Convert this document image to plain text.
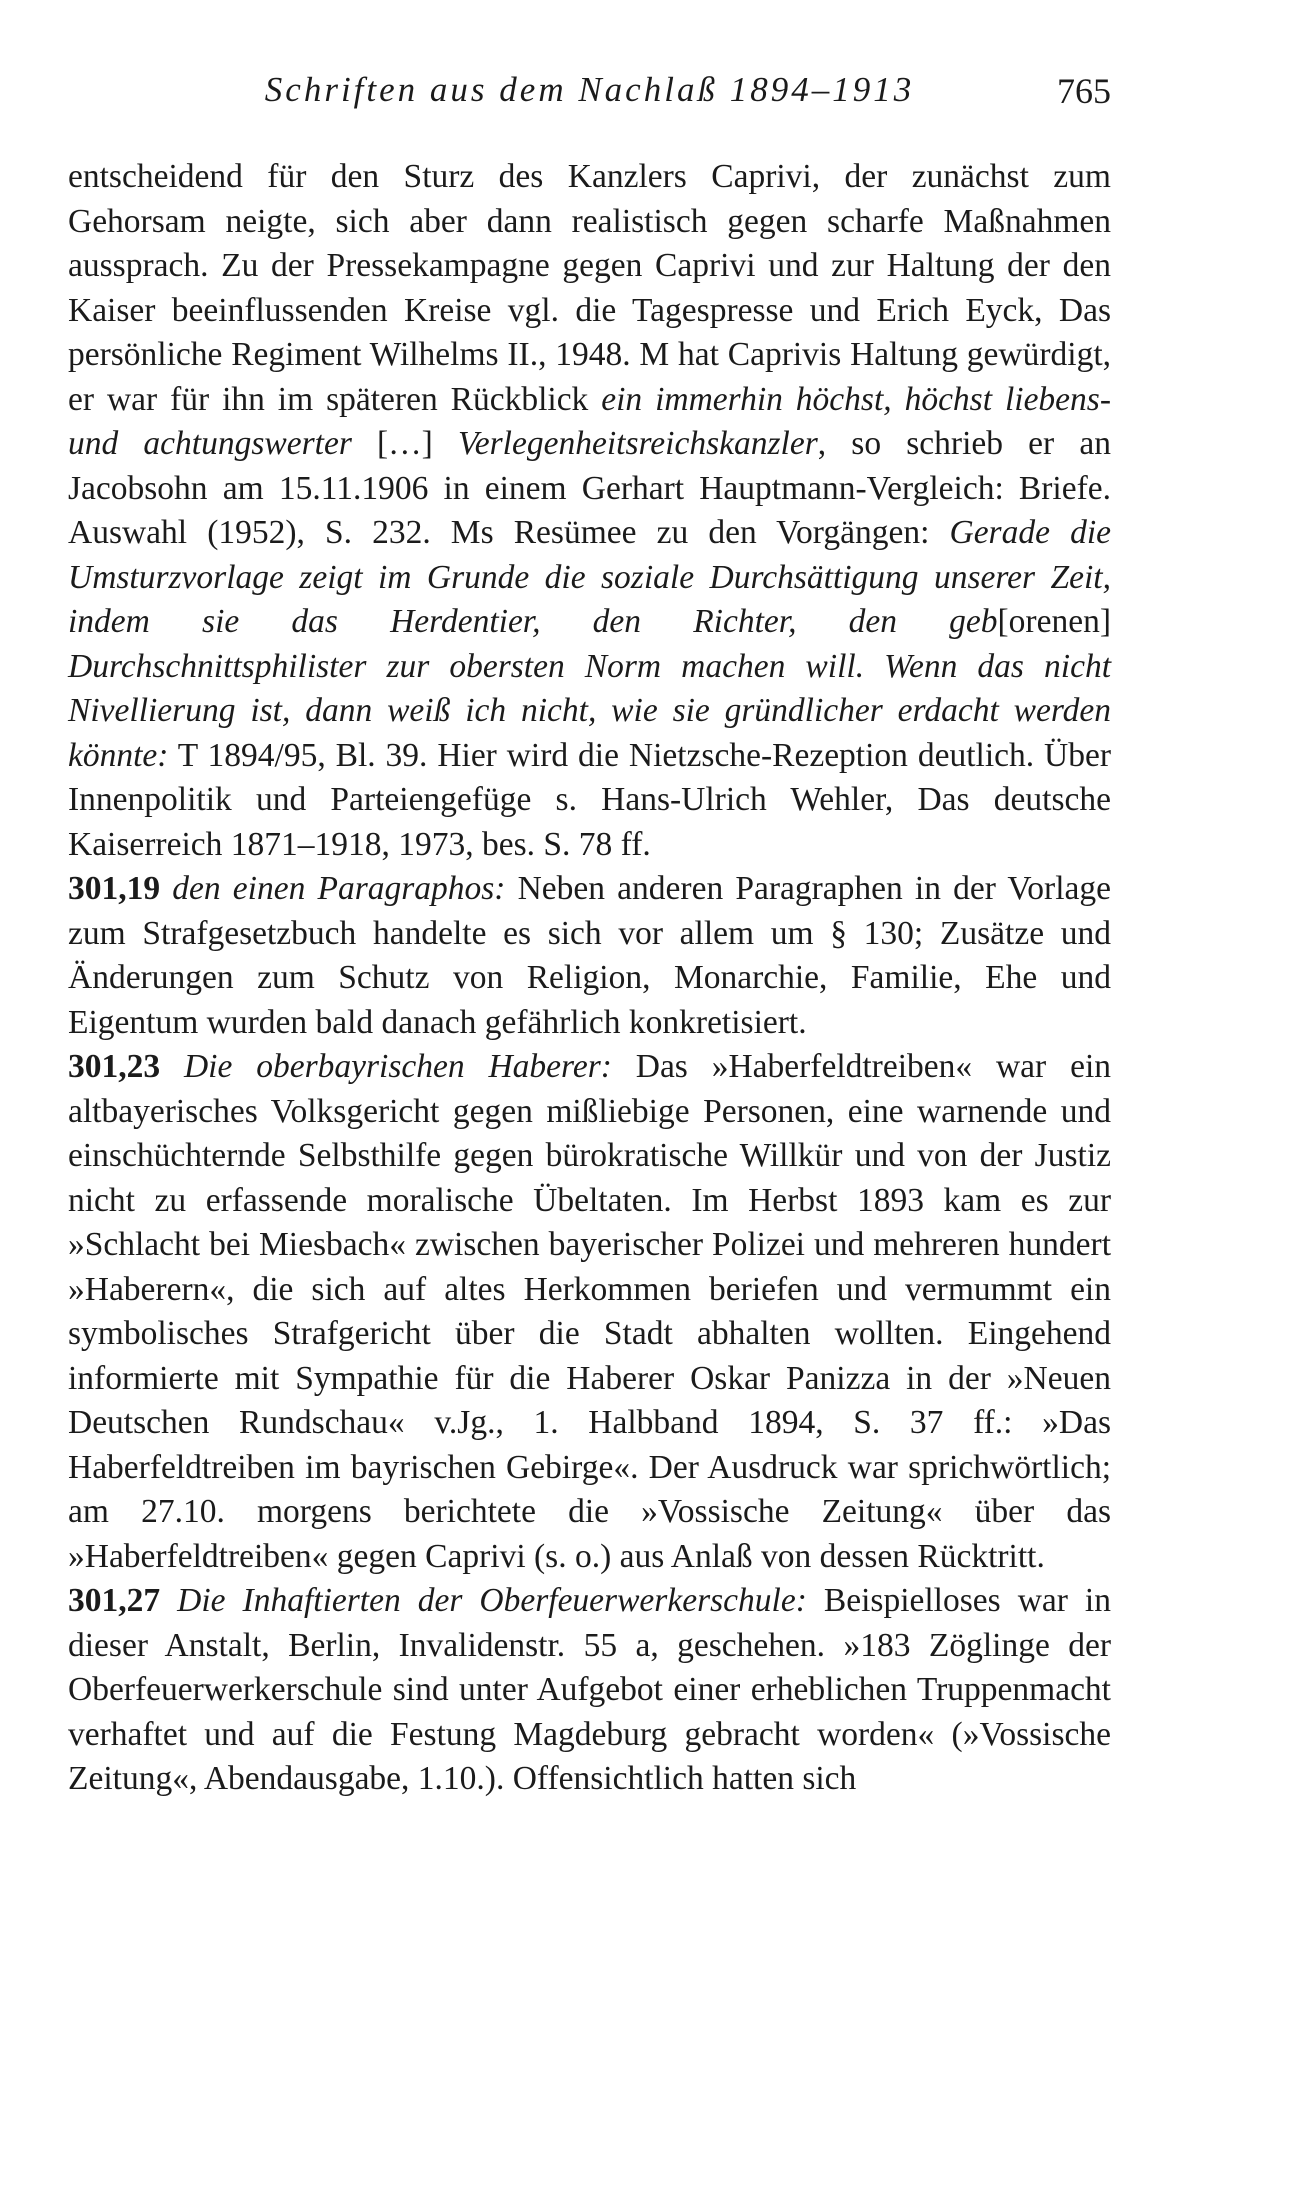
Schriften aus dem Nachlaß 1894–1913	765

entscheidend für den Sturz des Kanzlers Caprivi, der zunächst zum Gehorsam neigte, sich aber dann realistisch gegen scharfe Maßnahmen aussprach. Zu der Pressekampagne gegen Caprivi und zur Haltung der den Kaiser beeinflussenden Kreise vgl. die Tagespresse und Erich Eyck, Das persönliche Regiment Wilhelms II., 1948. M hat Caprivis Haltung gewürdigt, er war für ihn im späteren Rückblick ein immerhin höchst, höchst liebens- und achtungswerter […] Verlegenheitsreichskanzler, so schrieb er an Jacobsohn am 15.11.1906 in einem Gerhart Hauptmann-Vergleich: Briefe. Auswahl (1952), S. 232. Ms Resümee zu den Vorgängen: Gerade die Umsturzvorlage zeigt im Grunde die soziale Durchsättigung unserer Zeit, indem sie das Herdentier, den Richter, den geb[orenen] Durchschnittsphilister zur obersten Norm machen will. Wenn das nicht Nivellierung ist, dann weiß ich nicht, wie sie gründlicher erdacht werden könnte: T 1894/95, Bl. 39. Hier wird die Nietzsche-Rezeption deutlich. Über Innenpolitik und Parteiengefüge s. Hans-Ulrich Wehler, Das deutsche Kaiserreich 1871–1918, 1973, bes. S. 78 ff.

301,19 den einen Paragraphos: Neben anderen Paragraphen in der Vorlage zum Strafgesetzbuch handelte es sich vor allem um § 130; Zusätze und Änderungen zum Schutz von Religion, Monarchie, Familie, Ehe und Eigentum wurden bald danach gefährlich konkretisiert.

301,23 Die oberbayrischen Haberer: Das »Haberfeldtreiben« war ein altbayerisches Volksgericht gegen mißliebige Personen, eine warnende und einschüchternde Selbsthilfe gegen bürokratische Willkür und von der Justiz nicht zu erfassende moralische Übeltaten. Im Herbst 1893 kam es zur »Schlacht bei Miesbach« zwischen bayerischer Polizei und mehreren hundert »Haberern«, die sich auf altes Herkommen beriefen und vermummt ein symbolisches Strafgericht über die Stadt abhalten wollten. Eingehend informierte mit Sympathie für die Haberer Oskar Panizza in der »Neuen Deutschen Rundschau« v.Jg., 1. Halbband 1894, S. 37 ff.: »Das Haberfeldtreiben im bayrischen Gebirge«. Der Ausdruck war sprichwörtlich; am 27.10. morgens berichtete die »Vossische Zeitung« über das »Haberfeldtreiben« gegen Caprivi (s. o.) aus Anlaß von dessen Rücktritt.

301,27 Die Inhaftierten der Oberfeuerwerkerschule: Beispielloses war in dieser Anstalt, Berlin, Invalidenstr. 55 a, geschehen. »183 Zöglinge der Oberfeuerwerkerschule sind unter Aufgebot einer erheblichen Truppenmacht verhaftet und auf die Festung Magdeburg gebracht worden« (»Vossische Zeitung«, Abendausgabe, 1.10.). Offensichtlich hatten sich
